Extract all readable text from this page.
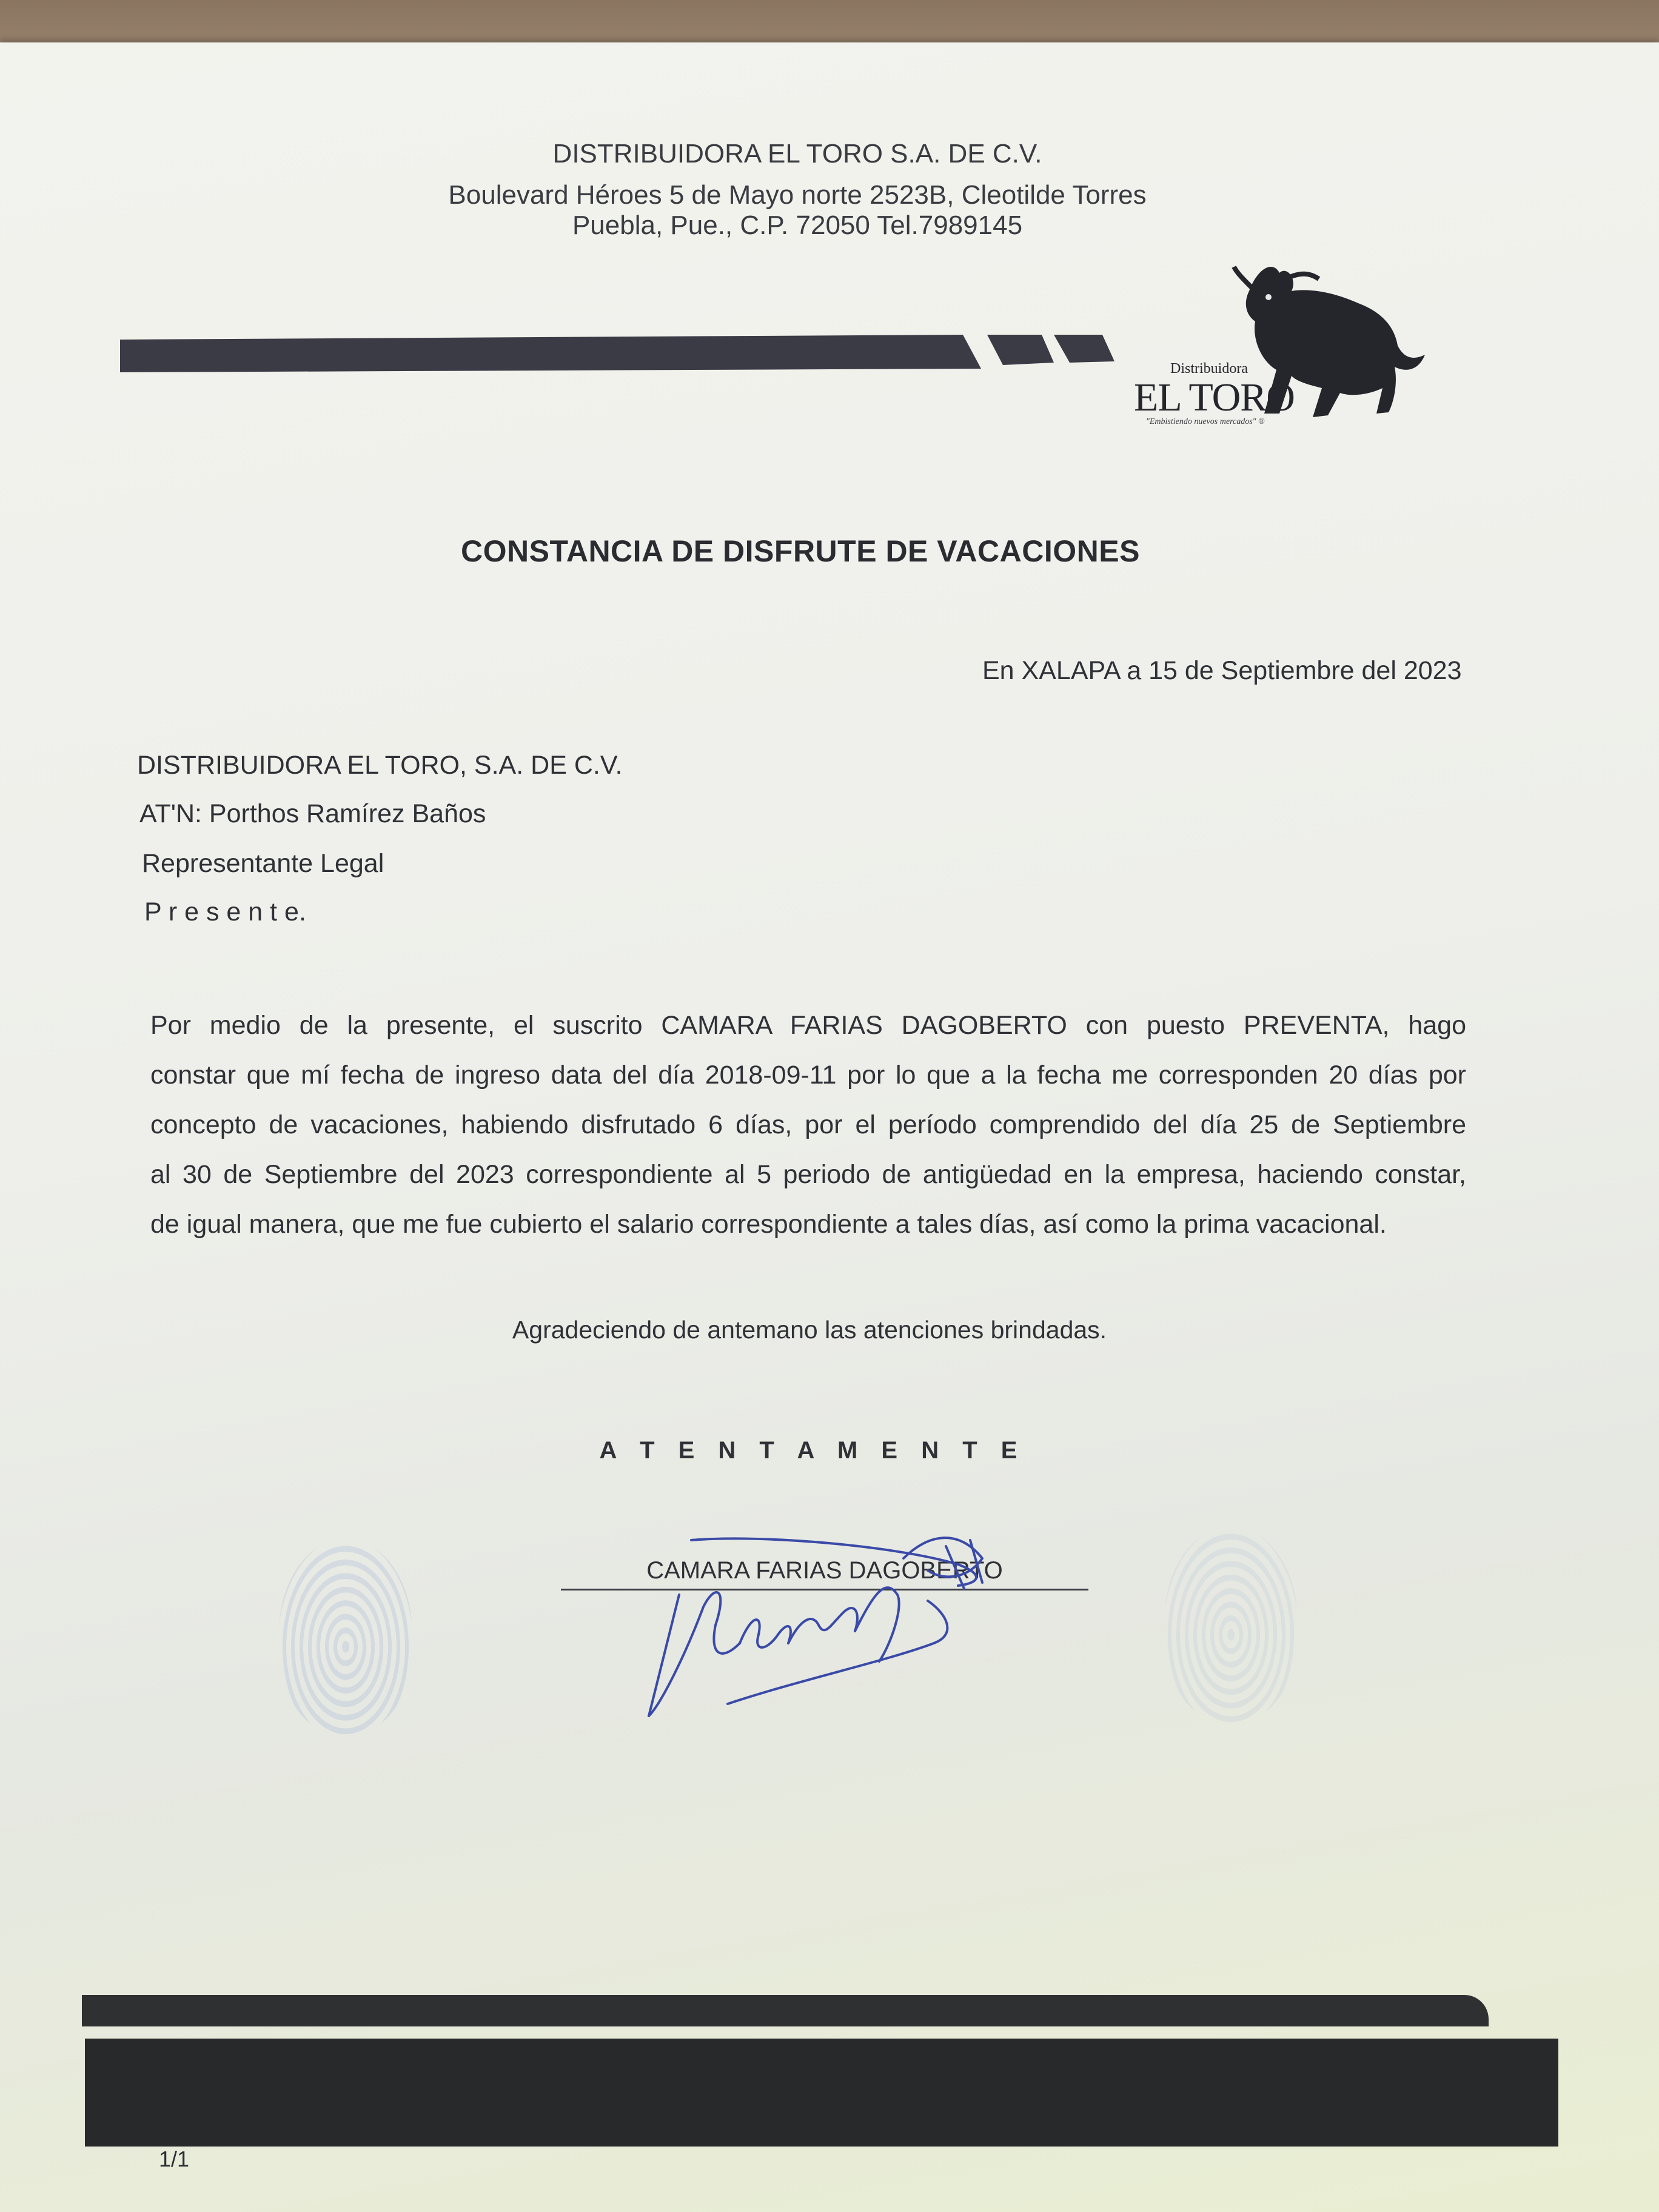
DISTRIBUIDORA EL TORO S.A. DE C.V.
Boulevard Héroes 5 de Mayo norte 2523B, Cleotilde Torres
Puebla, Pue., C.P. 72050 Tel.7989145
Distribuidora
EL TORO
"Embistiendo nuevos mercados" ®
CONSTANCIA DE DISFRUTE DE VACACIONES
En XALAPA a 15 de Septiembre del 2023
DISTRIBUIDORA EL TORO, S.A. DE C.V.
AT'N: Porthos Ramírez Baños
Representante Legal
P r e s e n t e.
Por medio de la presente, el suscrito CAMARA FARIAS DAGOBERTO con puesto PREVENTA, hago
constar que mí fecha de ingreso data del día 2018-09-11 por lo que a la fecha me corresponden 20 días por
concepto de vacaciones, habiendo disfrutado 6 días, por el período comprendido del día 25 de Septiembre
al 30 de Septiembre del 2023 correspondiente al 5 periodo de antigüedad en la empresa, haciendo constar,
de igual manera, que me fue cubierto el salario correspondiente a tales días, así como la prima vacacional.
Agradeciendo de antemano las atenciones brindadas.
A T E N T A M E N T E
CAMARA FARIAS DAGOBERTO
1/1
